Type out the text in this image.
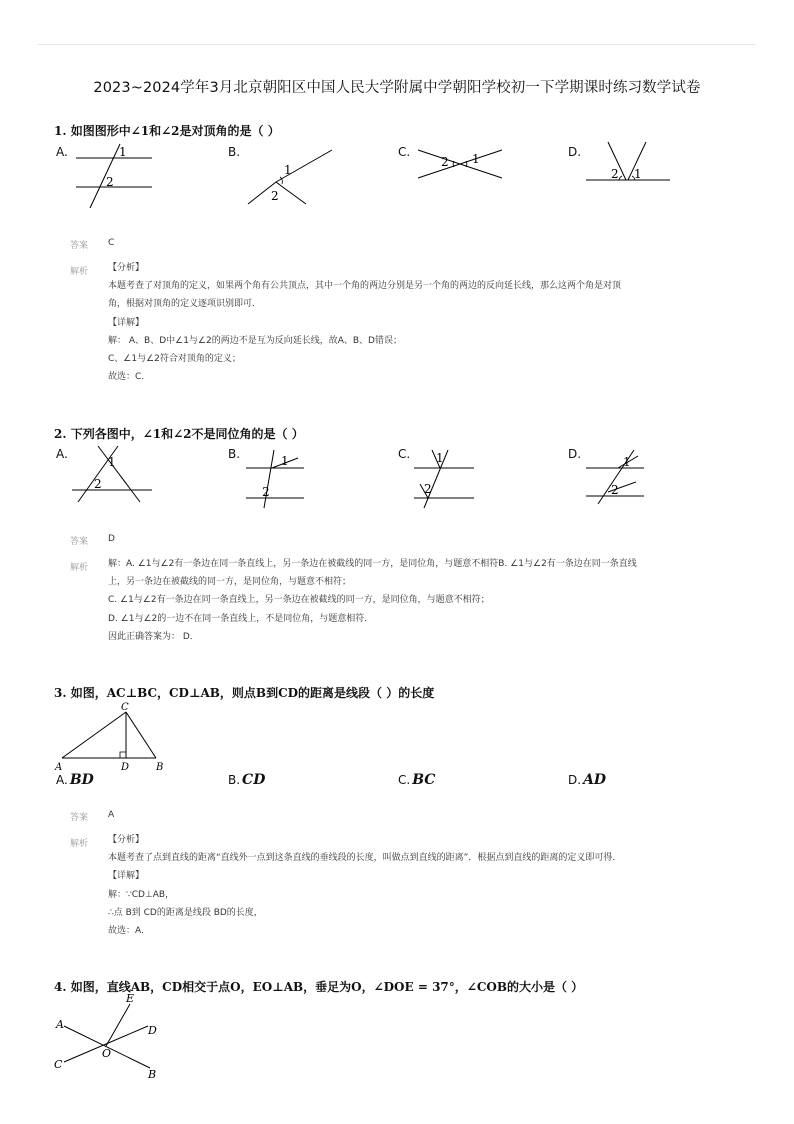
2023~2024学年3月北京朝阳区中国人民大学附属中学朝阳学校初一下学期课时练习数学试卷
1. 如图图形中∠1和∠2是对顶角的是（ ）
A.	1
2
B.
1
2
C.	1
2
D.
1
2
答案 C
解析 【分析】
本题考查了对顶角的定义，如果两个角有公共顶点，其中一个角的两边分别是另一个角的两边的反向延长线，那么这两个角是对顶
角，根据对顶角的定义逐项识别即可．
【详解】
解： A、B、D中∠1与∠2的两边不是互为反向延长线，故A、B、D错误；
C、∠1与∠2符合对顶角的定义；
故选：C．
2. 下列各图中，∠1和∠2不是同位角的是（ ）
A.
1
2
B.	1
2
C. 1
2
D.
1
2
答案 D
解析 解：A. ∠1与∠2有一条边在同一条直线上，另一条边在被截线的同一方，是同位角，与题意不相符B. ∠1与∠2有一条边在同一条直线
上，另一条边在被截线的同一方，是同位角，与题意不相符；
C. ∠1与∠2有一条边在同一条直线上，另一条边在被截线的同一方，是同位角，与题意不相符；
D. ∠1与∠2的一边不在同一条直线上，不是同位角，与题意相符．
因此正确答案为： D．
3. 如图，AC⊥BC，CD⊥AB，则点B到CD的距离是线段（ ）的长度
C
A	D	B
A. BD	B. CD	C. BC	D. AD
答案 A
解析 【分析】
本题考查了点到直线的距离“直线外一点到这条直线的垂线段的长度，叫做点到直线的距离”．根据点到直线的距离的定义即可得．
【详解】
解：∵CD⊥AB，
∴点 B到 CD的距离是线段 BD的长度，
故选：A．
4. 如图，直线AB，CD相交于点O，EO⊥AB，垂足为O，∠DOE = 37°，∠COB的大小是（ ）
A
E
D
O
C
B
